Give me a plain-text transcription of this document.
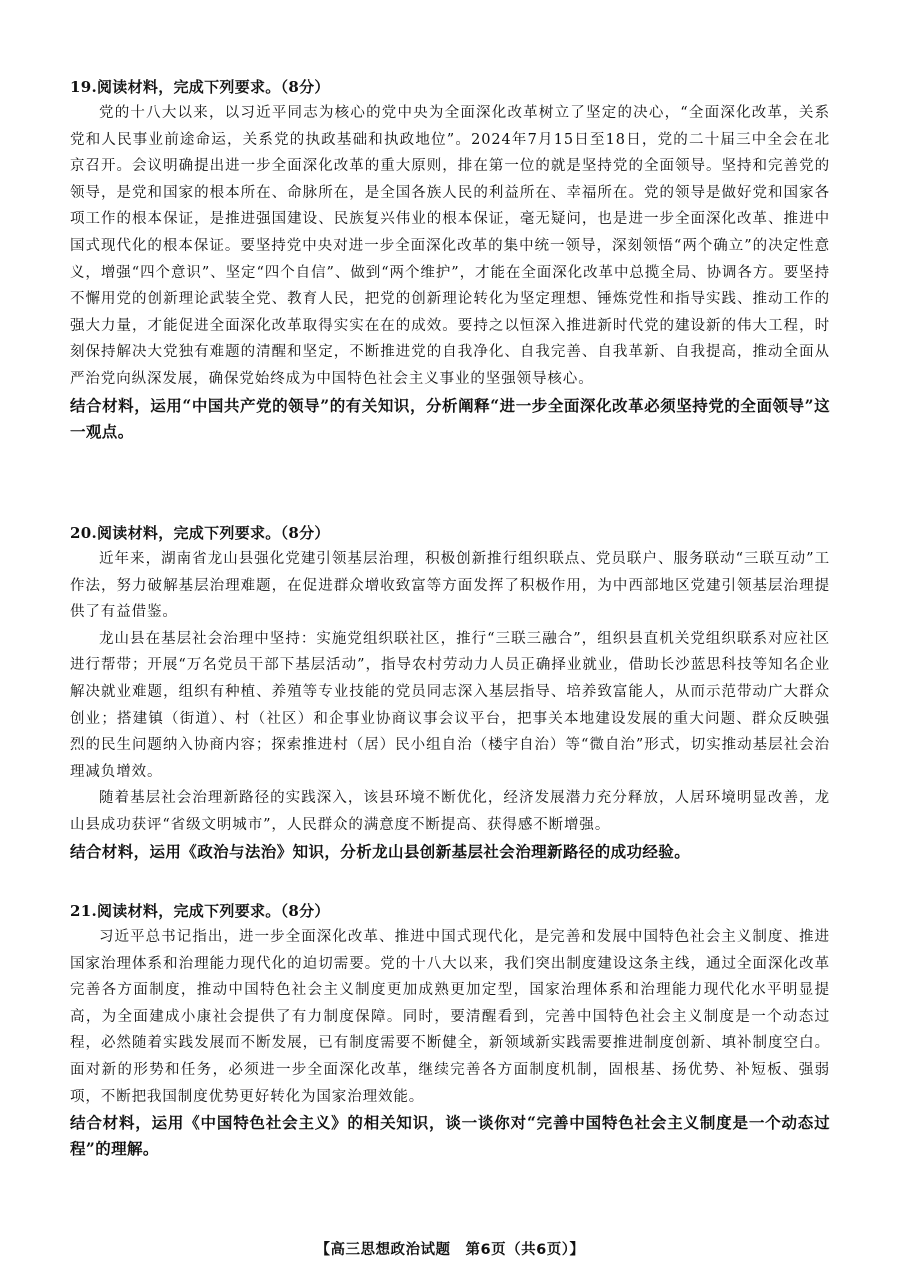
19.阅读材料，完成下列要求。（8分）

党的十八大以来，以习近平同志为核心的党中央为全面深化改革树立了坚定的决心，“全面深化改革，关系党和人民事业前途命运，关系党的执政基础和执政地位”。2024年7月15日至18日，党的二十届三中全会在北京召开。会议明确提出进一步全面深化改革的重大原则，排在第一位的就是坚持党的全面领导。坚持和完善党的领导，是党和国家的根本所在、命脉所在，是全国各族人民的利益所在、幸福所在。党的领导是做好党和国家各项工作的根本保证，是推进强国建设、民族复兴伟业的根本保证，毫无疑问，也是进一步全面深化改革、推进中国式现代化的根本保证。要坚持党中央对进一步全面深化改革的集中统一领导，深刻领悟“两个确立”的决定性意义，增强“四个意识”、坚定“四个自信”、做到“两个维护”，才能在全面深化改革中总揽全局、协调各方。要坚持不懈用党的创新理论武装全党、教育人民，把党的创新理论转化为坚定理想、锤炼党性和指导实践、推动工作的强大力量，才能促进全面深化改革取得实实在在的成效。要持之以恒深入推进新时代党的建设新的伟大工程，时刻保持解决大党独有难题的清醒和坚定，不断推进党的自我净化、自我完善、自我革新、自我提高，推动全面从严治党向纵深发展，确保党始终成为中国特色社会主义事业的坚强领导核心。

结合材料，运用“中国共产党的领导”的有关知识，分析阐释“进一步全面深化改革必须坚持党的全面领导”这一观点。

20.阅读材料，完成下列要求。（8分）

近年来，湖南省龙山县强化党建引领基层治理，积极创新推行组织联点、党员联户、服务联动“三联互动”工作法，努力破解基层治理难题，在促进群众增收致富等方面发挥了积极作用，为中西部地区党建引领基层治理提供了有益借鉴。

龙山县在基层社会治理中坚持：实施党组织联社区，推行“三联三融合”，组织县直机关党组织联系对应社区进行帮带；开展“万名党员干部下基层活动”，指导农村劳动力人员正确择业就业，借助长沙蓝思科技等知名企业解决就业难题，组织有种植、养殖等专业技能的党员同志深入基层指导、培养致富能人，从而示范带动广大群众创业；搭建镇（街道）、村（社区）和企事业协商议事会议平台，把事关本地建设发展的重大问题、群众反映强烈的民生问题纳入协商内容；探索推进村（居）民小组自治（楼宇自治）等“微自治”形式，切实推动基层社会治理减负增效。

随着基层社会治理新路径的实践深入，该县环境不断优化，经济发展潜力充分释放，人居环境明显改善，龙山县成功获评“省级文明城市”，人民群众的满意度不断提高、获得感不断增强。

结合材料，运用《政治与法治》知识，分析龙山县创新基层社会治理新路径的成功经验。

21.阅读材料，完成下列要求。（8分）

习近平总书记指出，进一步全面深化改革、推进中国式现代化，是完善和发展中国特色社会主义制度、推进国家治理体系和治理能力现代化的迫切需要。党的十八大以来，我们突出制度建设这条主线，通过全面深化改革完善各方面制度，推动中国特色社会主义制度更加成熟更加定型，国家治理体系和治理能力现代化水平明显提高，为全面建成小康社会提供了有力制度保障。同时，要清醒看到，完善中国特色社会主义制度是一个动态过程，必然随着实践发展而不断发展，已有制度需要不断健全，新领域新实践需要推进制度创新、填补制度空白。面对新的形势和任务，必须进一步全面深化改革，继续完善各方面制度机制，固根基、扬优势、补短板、强弱项，不断把我国制度优势更好转化为国家治理效能。

结合材料，运用《中国特色社会主义》的相关知识，谈一谈你对“完善中国特色社会主义制度是一个动态过程”的理解。

【高三思想政治试题　第6页（共6页）】
